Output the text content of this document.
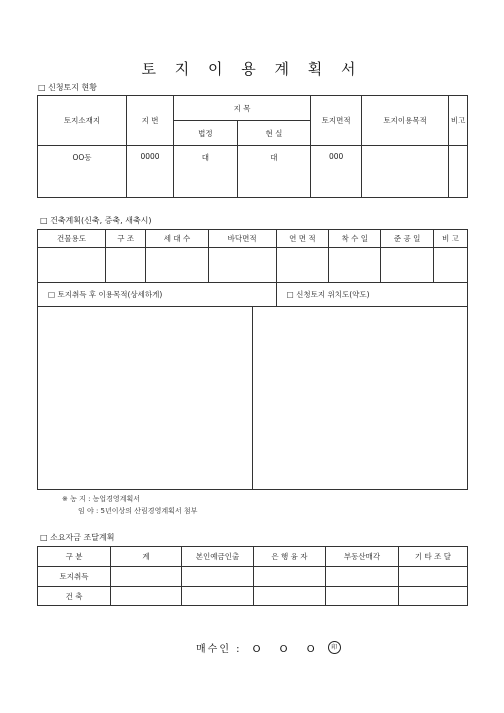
토 지 이 용 계 획 서
□ 신청토지 현황
토지소재지	지 번	지 목		토지면적	토지이용목적	비고
		법정	현 실			
OO동	0000	대	대	000		
□ 건축계획(신축, 증축, 새축시)
건물용도	구 조	세 대 수	바닥면적	연 면 적	착 수 일	준 공 일	비 고

□ 토지취득 후 이용목적(상세하게)				□ 신청토지 위치도(약도)			

※ 농 지 : 농업경영계획서
임 야 : 5년이상의 산림경영계획서 첨부
□ 소요자금 조달계획
구 분	계	본인예금인출	은 행 융 자	부동산매각	기 타 조 달
토지취득					
건 축					
매수인 : O O O 印
